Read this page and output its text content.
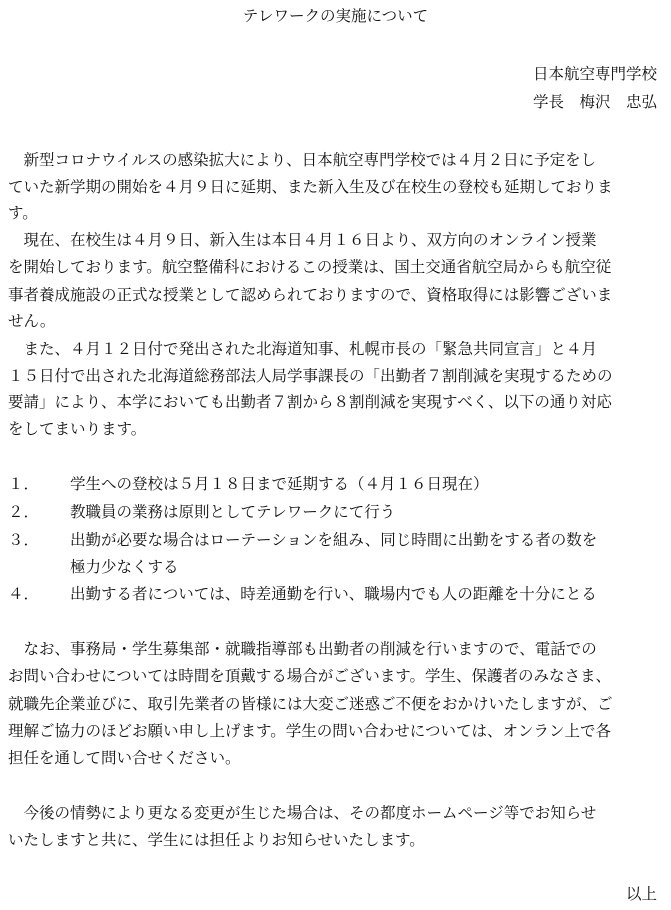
テレワークの実施について
日本航空専門学校
学長　梅沢　忠弘
　新型コロナウイルスの感染拡大により、日本航空専門学校では４月２日に予定をし
ていた新学期の開始を４月９日に延期、また新入生及び在校生の登校も延期しておりま
す。
　現在、在校生は４月９日、新入生は本日４月１６日より、双方向のオンライン授業
を開始しております。航空整備科におけるこの授業は、国土交通省航空局からも航空従
事者養成施設の正式な授業として認められておりますので、資格取得には影響ございま
せん。
　また、４月１２日付で発出された北海道知事、札幌市長の「緊急共同宣言」と４月
１５日付で出された北海道総務部法人局学事課長の「出勤者７割削減を実現するための
要請」により、本学においても出勤者７割から８割削減を実現すべく、以下の通り対応
をしてまいります。
１． 学生への登校は５月１８日まで延期する（４月１６日現在）
２． 教職員の業務は原則としてテレワークにて行う
３． 出勤が必要な場合はローテーションを組み、同じ時間に出勤をする者の数を
極力少なくする
４． 出勤する者については、時差通勤を行い、職場内でも人の距離を十分にとる
　なお、事務局・学生募集部・就職指導部も出勤者の削減を行いますので、電話での
お問い合わせについては時間を頂戴する場合がございます。学生、保護者のみなさま、
就職先企業並びに、取引先業者の皆様には大変ご迷惑ご不便をおかけいたしますが、ご
理解ご協力のほどお願い申し上げます。学生の問い合わせについては、オンラン上で各
担任を通して問い合せください。
　今後の情勢により更なる変更が生じた場合は、その都度ホームページ等でお知らせ
いたしますと共に、学生には担任よりお知らせいたします。
以上
